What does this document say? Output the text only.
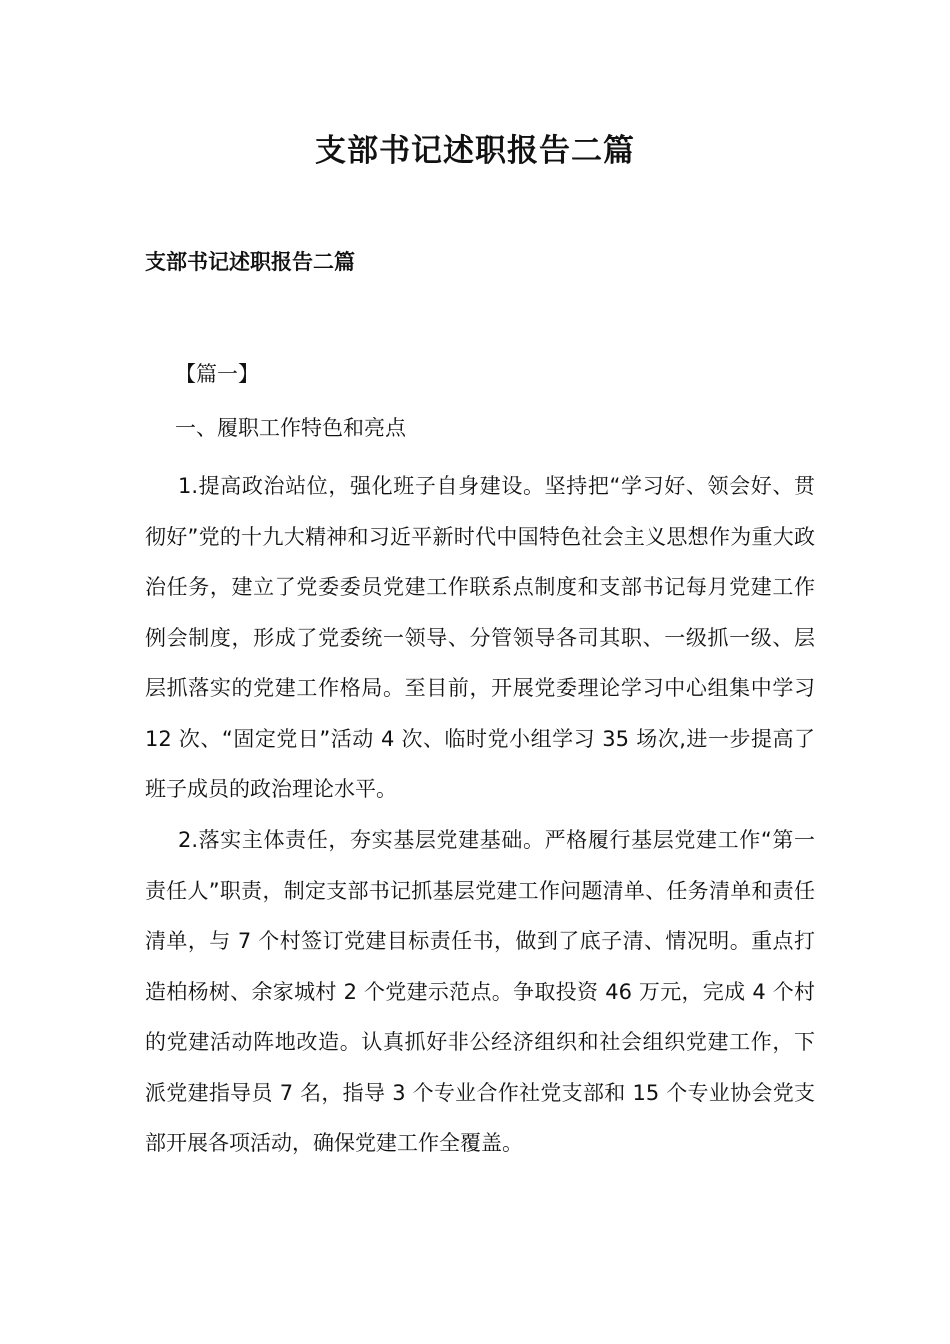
支部书记述职报告二篇
支部书记述职报告二篇

【篇一】

一、履职工作特色和亮点

1.提高政治站位，强化班子自身建设。坚持把“学习好、领会好、贯彻好”党的十九大精神和习近平新时代中国特色社会主义思想作为重大政治任务，建立了党委委员党建工作联系点制度和支部书记每月党建工作例会制度，形成了党委统一领导、分管领导各司其职、一级抓一级、层层抓落实的党建工作格局。至目前，开展党委理论学习中心组集中学习 12 次、“固定党日”活动 4 次、临时党小组学习 35 场次,进一步提高了班子成员的政治理论水平。

2.落实主体责任，夯实基层党建基础。严格履行基层党建工作“第一责任人”职责，制定支部书记抓基层党建工作问题清单、任务清单和责任清单，与 7 个村签订党建目标责任书，做到了底子清、情况明。重点打造柏杨树、余家城村 2 个党建示范点。争取投资 46 万元，完成 4 个村的党建活动阵地改造。认真抓好非公经济组织和社会组织党建工作，下派党建指导员 7 名，指导 3 个专业合作社党支部和 15 个专业协会党支部开展各项活动，确保党建工作全覆盖。
